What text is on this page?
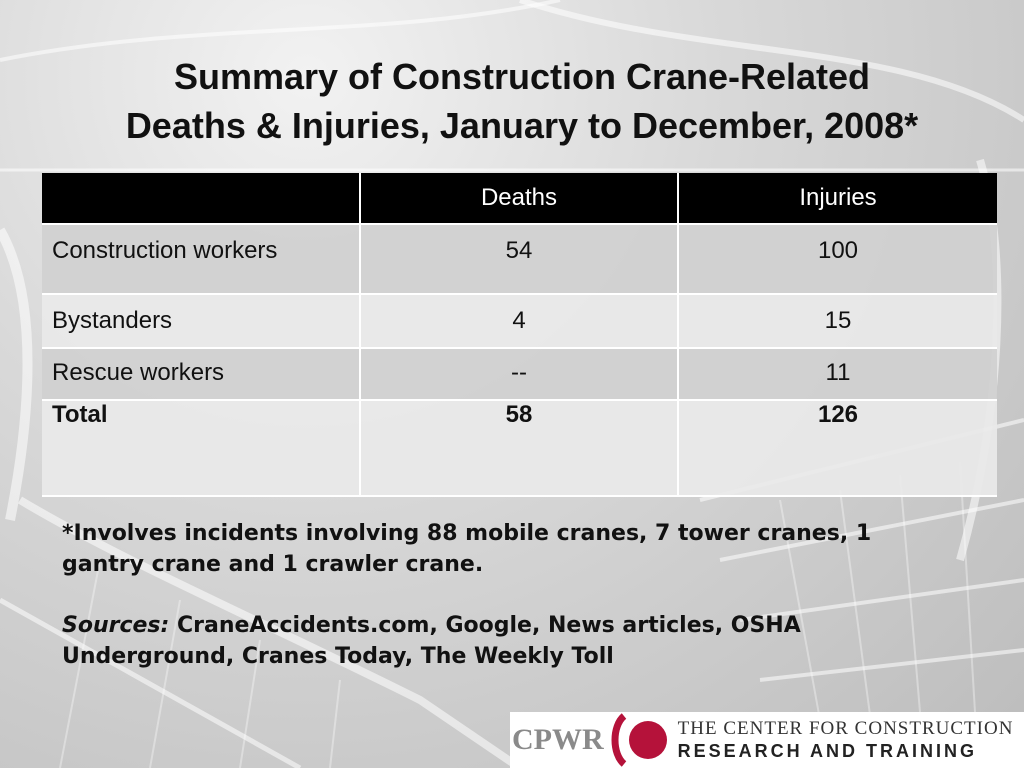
Summary of Construction Crane-Related
Deaths & Injuries, January to December, 2008*
	Deaths	Injuries
Construction workers	54	100
Bystanders	4	15
Rescue workers	--	11
Total	58	126

*Involves incidents involving 88 mobile cranes, 7 tower cranes, 1 gantry crane and 1 crawler crane.

Sources: CraneAccidents.com, Google, News articles, OSHA Underground, Cranes Today, The Weekly Toll

CPWR	THE CENTER FOR CONSTRUCTION
RESEARCH AND TRAINING
